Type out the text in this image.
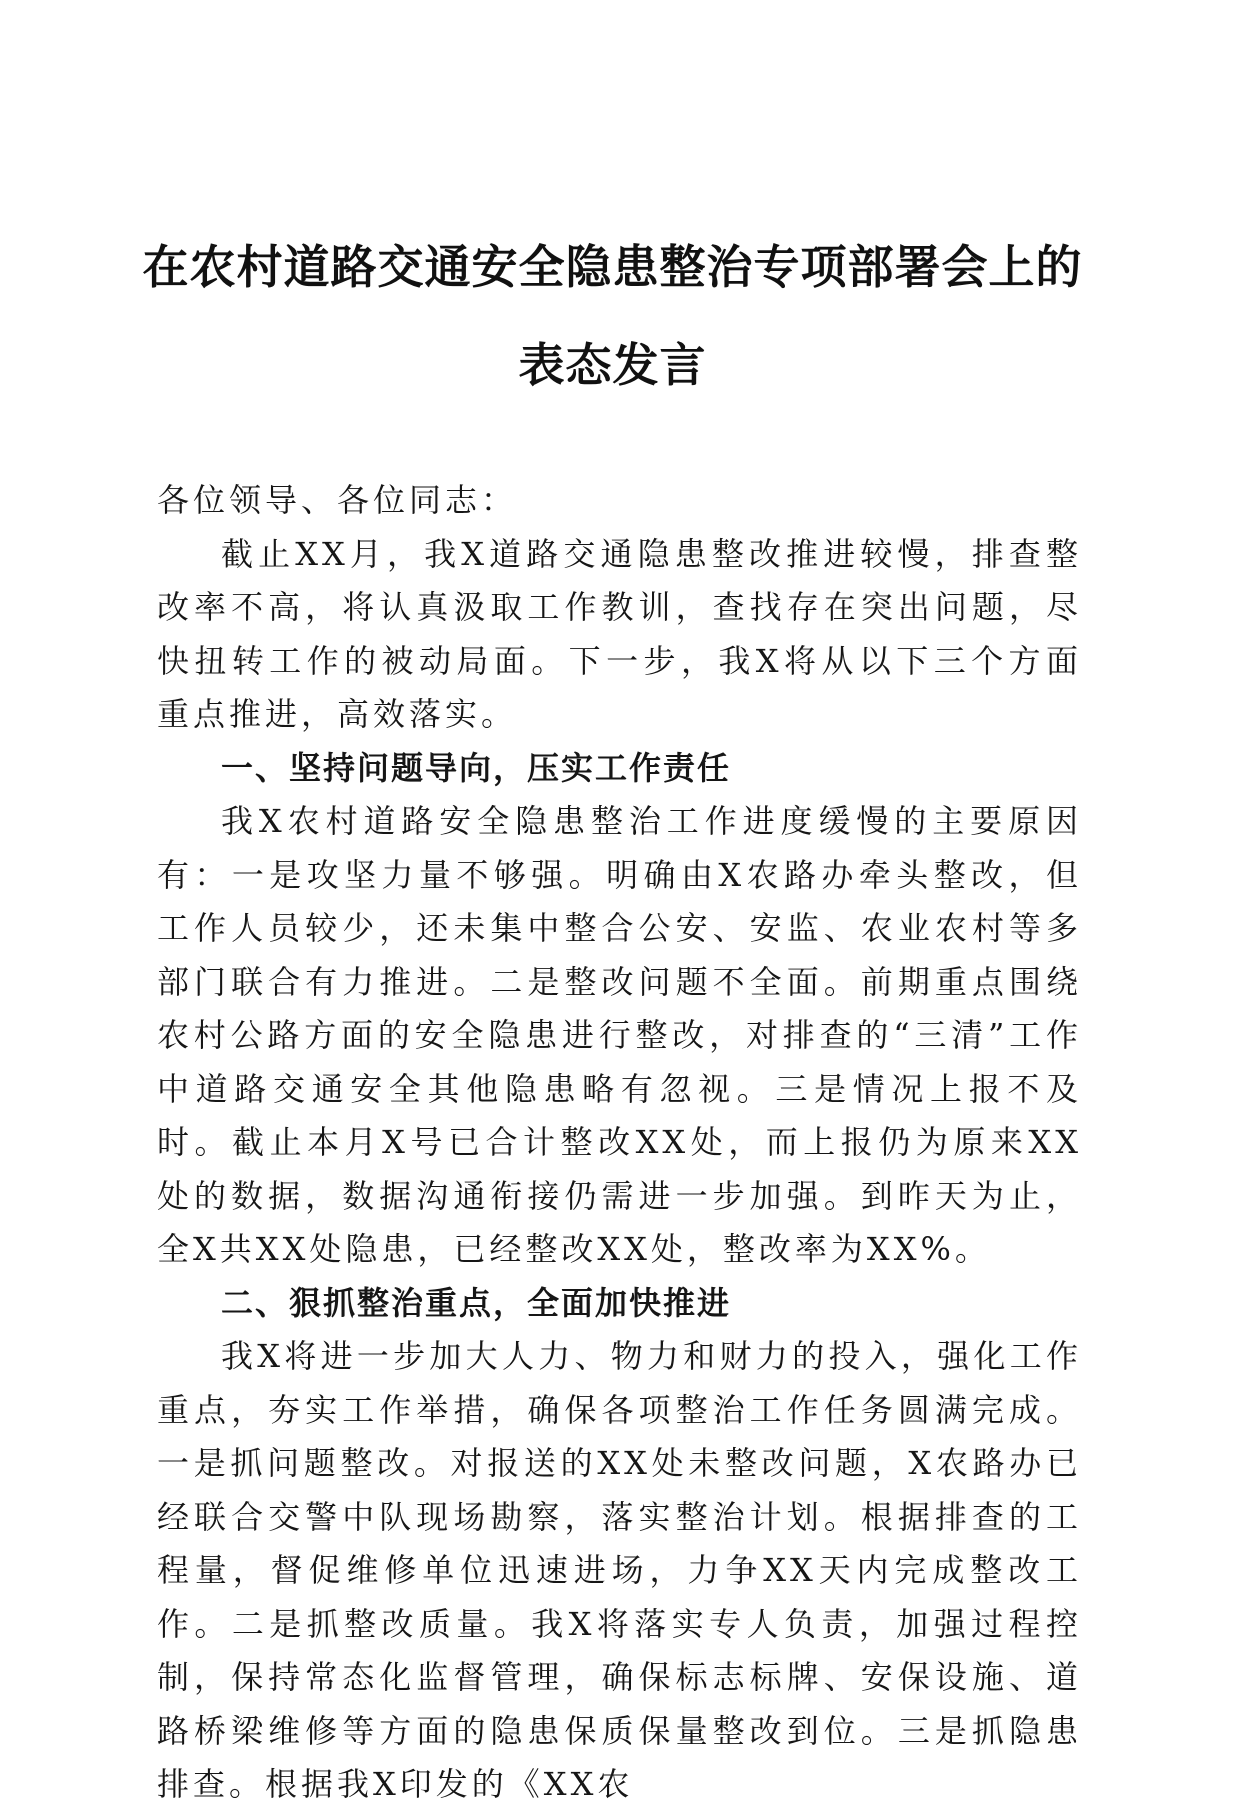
在农村道路交通安全隐患整治专项部署会上的
表态发言

各位领导、各位同志：

截止XX月，我X道路交通隐患整改推进较慢，排查整改率不高，将认真汲取工作教训，查找存在突出问题，尽快扭转工作的被动局面。下一步，我X将从以下三个方面重点推进，高效落实。

一、坚持问题导向，压实工作责任

我X农村道路安全隐患整治工作进度缓慢的主要原因有：一是攻坚力量不够强。明确由X农路办牵头整改，但工作人员较少，还未集中整合公安、安监、农业农村等多部门联合有力推进。二是整改问题不全面。前期重点围绕农村公路方面的安全隐患进行整改，对排查的“三清”工作中道路交通安全其他隐患略有忽视。三是情况上报不及时。截止本月X号已合计整改XX处，而上报仍为原来XX处的数据，数据沟通衔接仍需进一步加强。到昨天为止，全X共XX处隐患，已经整改XX处，整改率为XX%。

二、狠抓整治重点，全面加快推进

我X将进一步加大人力、物力和财力的投入，强化工作重点，夯实工作举措，确保各项整治工作任务圆满完成。一是抓问题整改。对报送的XX处未整改问题，X农路办已经联合交警中队现场勘察，落实整治计划。根据排查的工程量，督促维修单位迅速进场，力争XX天内完成整改工作。二是抓整改质量。我X将落实专人负责，加强过程控制，保持常态化监督管理，确保标志标牌、安保设施、道路桥梁维修等方面的隐患保质保量整改到位。三是抓隐患排查。根据我X印发的《XX农
